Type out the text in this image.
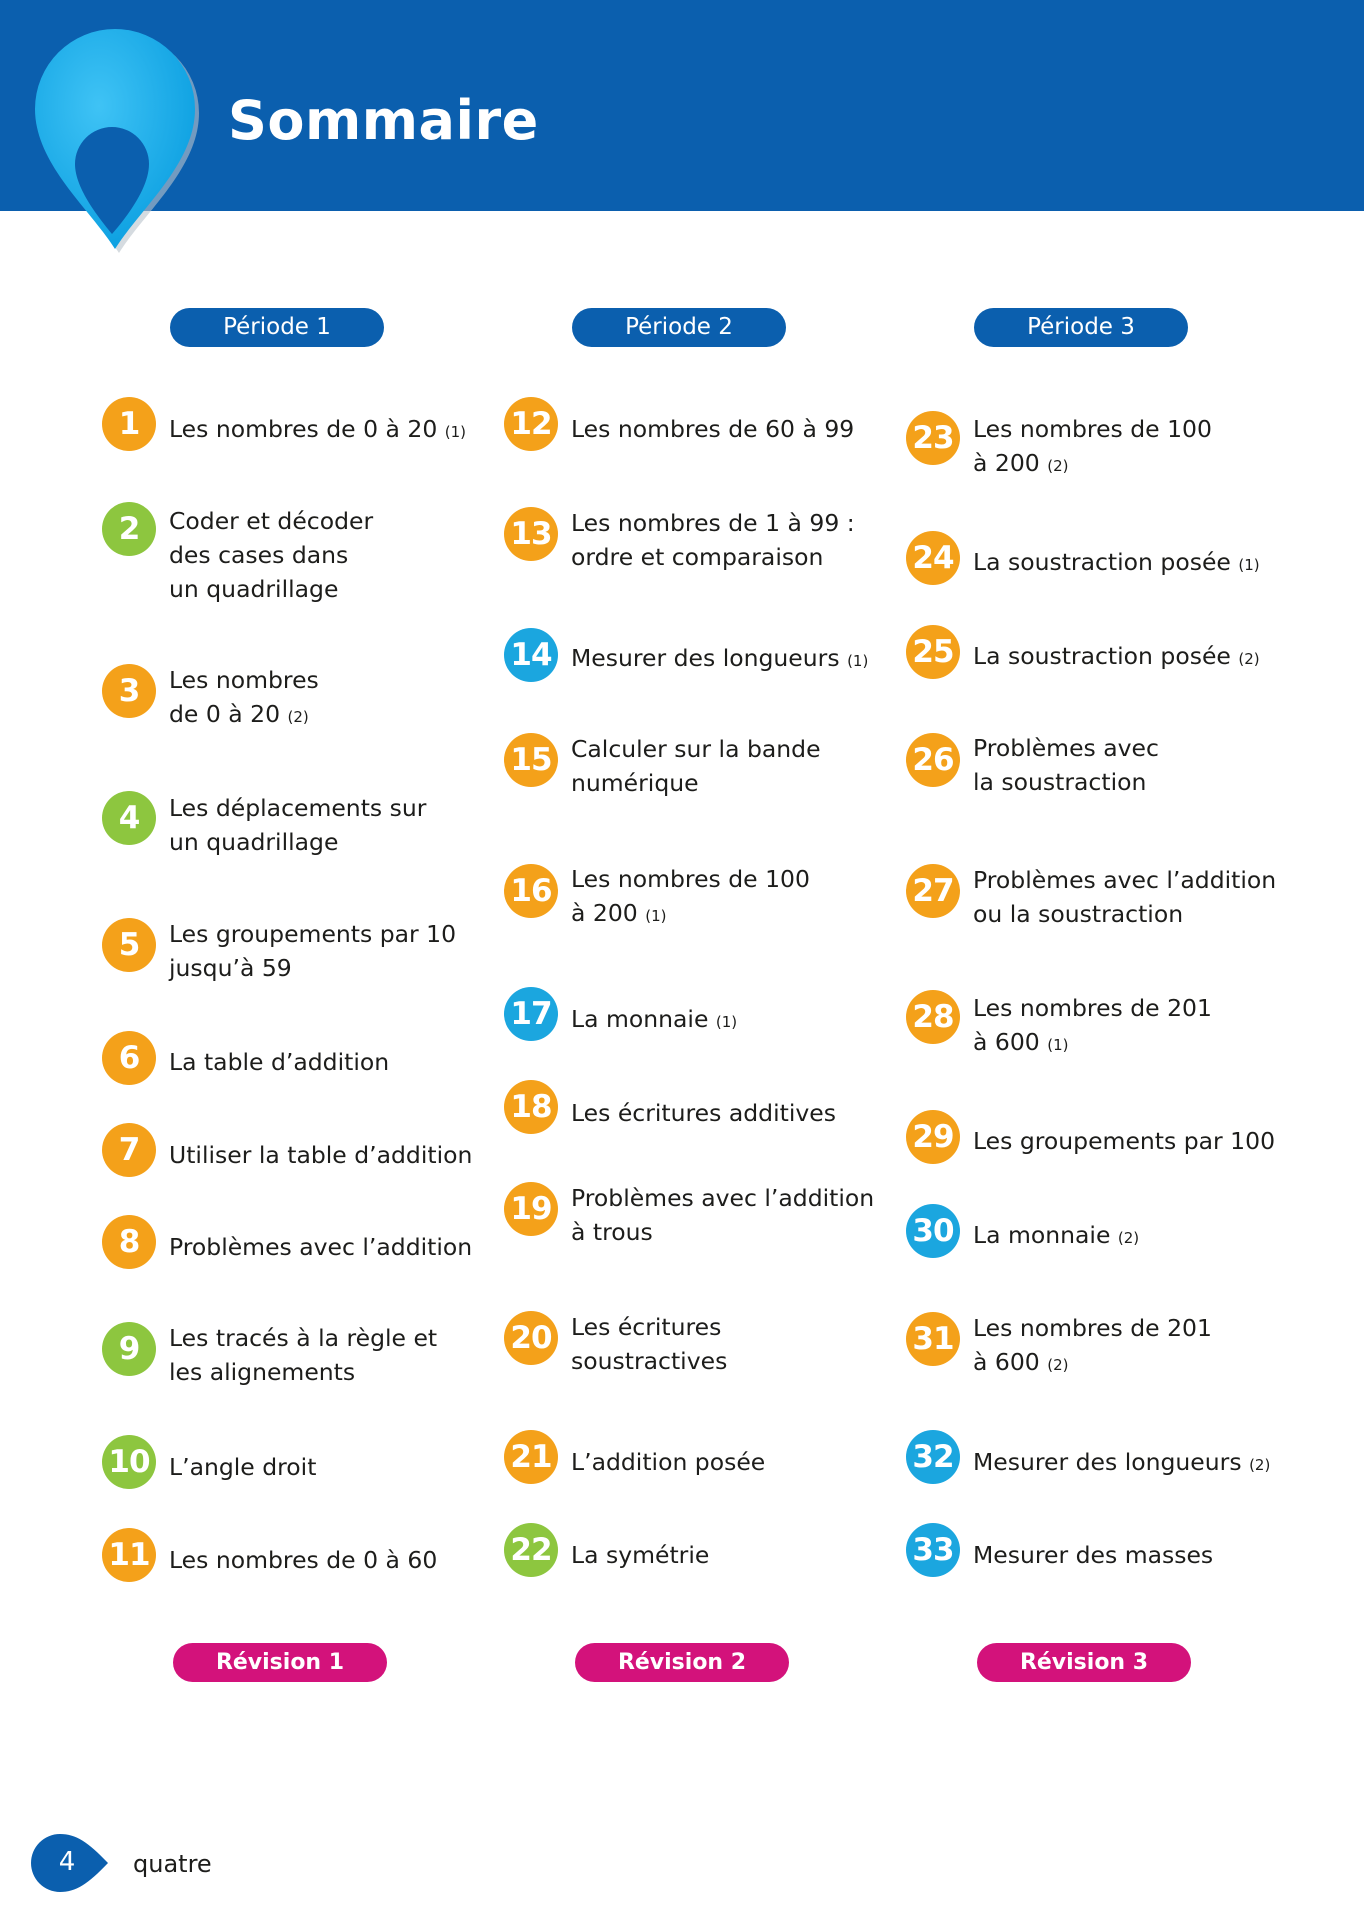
Sommaire
Période 1	Période 2	Période 3
Révision 1	Révision 2	Révision 3
1	Les nombres de 0 à 20 (1)
2	Coder et décoder
des cases dans
un quadrillage
3	Les nombres
de 0 à 20 (2)
4	Les déplacements sur
un quadrillage
5	Les groupements par 10
jusqu’à 59
6	La table d’addition
7	Utiliser la table d’addition
8	Problèmes avec l’addition
9	Les tracés à la règle et
les alignements
10 L’angle droit
11 Les nombres de 0 à 60
12 Les nombres de 60 à 99
13 Les nombres de 1 à 99 :
ordre et comparaison
14 Mesurer des longueurs (1)
15 Calculer sur la bande
numérique
16 Les nombres de 100
à 200 (1)
17 La monnaie (1)
18 Les écritures additives
19 Problèmes avec l’addition
à trous
20 Les écritures
soustractives
21 L’addition posée
22 La symétrie
23 Les nombres de 100
à 200 (2)
24 La soustraction posée (1)
25 La soustraction posée (2)
26 Problèmes avec
la soustraction
27 Problèmes avec l’addition
ou la soustraction
28 Les nombres de 201
à 600 (1)
29 Les groupements par 100
30 La monnaie (2)
31 Les nombres de 201
à 600 (2)
32 Mesurer des longueurs (2)
33 Mesurer des masses
4 quatre
